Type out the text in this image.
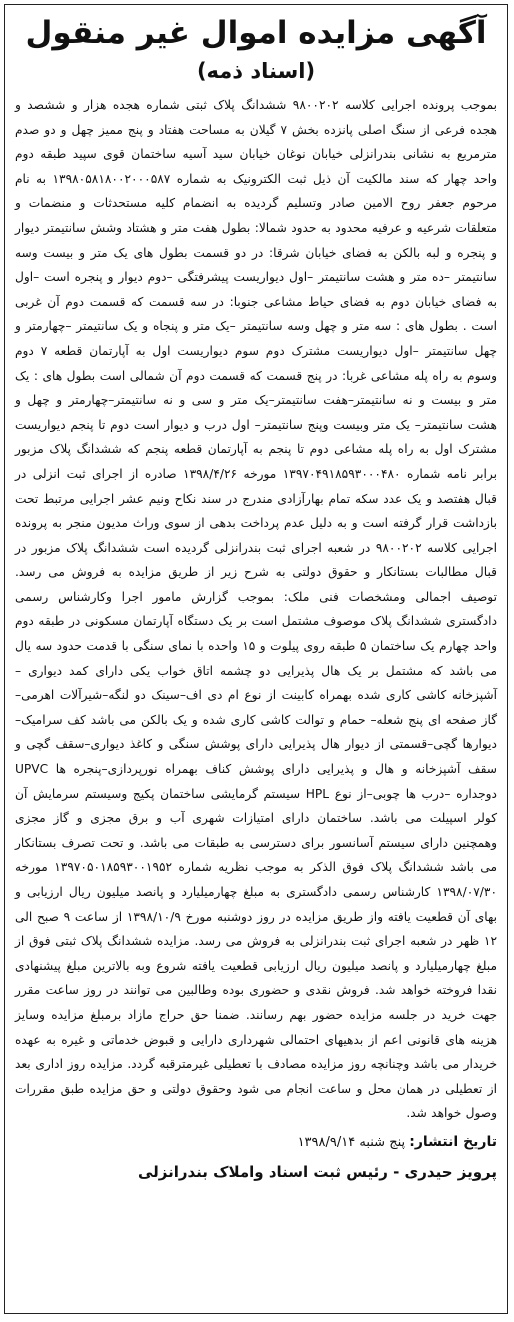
آگهی مزایده اموال غیر منقول
(اسناد ذمه)

بموجب پرونده اجرایی کلاسه ۹۸۰۰۲۰۲ ششدانگ پلاک ثبتی شماره هجده هزار و ششصد و هجده فرعی از سنگ اصلی پانزده بخش ۷ گیلان به مساحت هفتاد و پنج ممیز چهل و دو صدم مترمربع به نشانی بندرانزلی خیابان نوغان خیابان سید آسیه ساختمان قوی سپید طبقه دوم واحد چهار که سند مالکیت آن ذیل ثبت الکترونیک به شماره ۱۳۹۸۰۵۸۱۸۰۰۲۰۰۰۵۸۷ به نام مرحوم جعفر روح الامین صادر وتسلیم گردیده به انضمام کلیه مستحدثات و منضمات و متعلقات شرعیه و عرفیه محدود به حدود شمالا: بطول هفت متر و هشتاد وشش سانتیمتر دیوار و پنجره و لبه بالکن به فضای خیابان شرقا: در دو قسمت بطول های یک متر و بیست وسه سانتیمتر –ده متر و هشت سانتیمتر –اول دیواریست پیشرفتگی –دوم دیوار و پنجره است –اول به فضای خیابان دوم به فضای حیاط مشاعی جنوبا: در سه قسمت که قسمت دوم آن غربی است . بطول های : سه متر و چهل وسه سانتیمتر –یک متر و پنجاه و یک سانتیمتر –چهارمتر و چهل سانتیمتر –اول دیواریست مشترک دوم سوم دیواریست اول به آپارتمان قطعه ۷ دوم وسوم به راه پله مشاعی غربا: در پنج قسمت که قسمت دوم آن شمالی است بطول های : یک متر و بیست و نه سانتیمتر–هفت سانتیمتر–یک متر و سی و نه سانتیمتر–چهارمتر و چهل و هشت سانتیمتر– یک متر وبیست وپنج سانتیمتر– اول درب و دیوار است دوم تا پنجم دیواریست مشترک اول به راه پله مشاعی دوم تا پنجم به آپارتمان قطعه پنجم که ششدانگ پلاک مزبور برابر نامه شماره ۱۳۹۷۰۴۹۱۸۵۹۳۰۰۰۴۸۰ مورخه ۱۳۹۸/۴/۲۶ صادره از اجرای ثبت انزلی در قبال هفتصد و یک عدد سکه تمام بهارآزادی مندرج در سند نکاح ونیم عشر اجرایی مرتبط تحت بازداشت قرار گرفته است و به دلیل عدم پرداخت بدهی از سوی وراث مدیون منجر به پرونده اجرایی کلاسه ۹۸۰۰۲۰۲ در شعبه اجرای ثبت بندرانزلی گردیده است ششدانگ پلاک مزبور در قبال مطالبات بستانکار و حقوق دولتی به شرح زیر از طریق مزایده به فروش می رسد. توصیف اجمالی ومشخصات فنی ملک: بموجب گزارش مامور اجرا وکارشناس رسمی دادگستری ششدانگ پلاک موصوف مشتمل است بر یک دستگاه آپارتمان مسکونی در طبقه دوم واحد چهارم یک ساختمان ۵ طبقه روی پیلوت و ۱۵ واحده با نمای سنگی با قدمت حدود سه یال می باشد که مشتمل بر یک هال پذیرایی دو چشمه اتاق خواب یکی دارای کمد دیواری –آشپزخانه کاشی کاری شده بهمراه کابینت از نوع ام دی اف–سینک دو لنگه–شیرآلات اهرمی– گاز صفحه ای پنج شعله– حمام و توالت کاشی کاری شده و یک بالکن می باشد کف سرامیک–دیوارها گچی–قسمتی از دیوار هال پذیرایی دارای پوشش سنگی و کاغذ دیواری–سقف گچی و سقف آشپزخانه و هال و پذیرایی دارای پوشش کناف بهمراه نورپردازی–پنجره ها UPVC دوجداره –درب ها چوبی–از نوع HPL سیستم گرمایشی ساختمان پکیج وسیستم سرمایش آن کولر اسپیلت می باشد. ساختمان دارای امتیازات شهری آب و برق مجزی و گاز مجزی وهمچنین دارای سیستم آسانسور برای دسترسی به طبقات می باشد. و تحت تصرف بستانکار می باشد ششدانگ پلاک فوق الذکر به موجب نظریه شماره ۱۳۹۷۰۵۰۱۸۵۹۳۰۰۱۹۵۲ مورخه ۱۳۹۸/۰۷/۳۰ کارشناس رسمی دادگستری به مبلغ چهارمیلیارد و پانصد میلیون ریال ارزیابی و بهای آن قطعیت یافته واز طریق مزایده در روز دوشنبه مورخ ۱۳۹۸/۱۰/۹ از ساعت ۹ صبح الی ۱۲ ظهر در شعبه اجرای ثبت بندرانزلی به فروش می رسد. مزایده ششدانگ پلاک ثبتی فوق از مبلغ چهارمیلیارد و پانصد میلیون ریال ارزیابی قطعیت یافته شروع وبه بالاترین مبلغ پیشنهادی نقدا فروخته خواهد شد. فروش نقدی و حضوری بوده وطالبین می توانند در روز ساعت مقرر جهت خرید در جلسه مزایده حضور بهم رسانند. ضمنا حق حراج مازاد برمبلغ مزایده وسایز هزینه های قانونی اعم از بدهیهای احتمالی شهرداری دارایی و قبوض خدماتی و غیره به عهده خریدار می باشد وچنانچه روز مزایده مصادف با تعطیلی غیرمترقبه گردد. مزایده روز اداری بعد از تعطیلی در همان محل و ساعت انجام می شود وحقوق دولتی و حق مزایده طبق مقررات وصول خواهد شد.

تاریخ انتشار: پنج شنبه ۱۳۹۸/۹/۱۴

پرویز حیدری - رئیس ثبت اسناد واملاک بندرانزلی
